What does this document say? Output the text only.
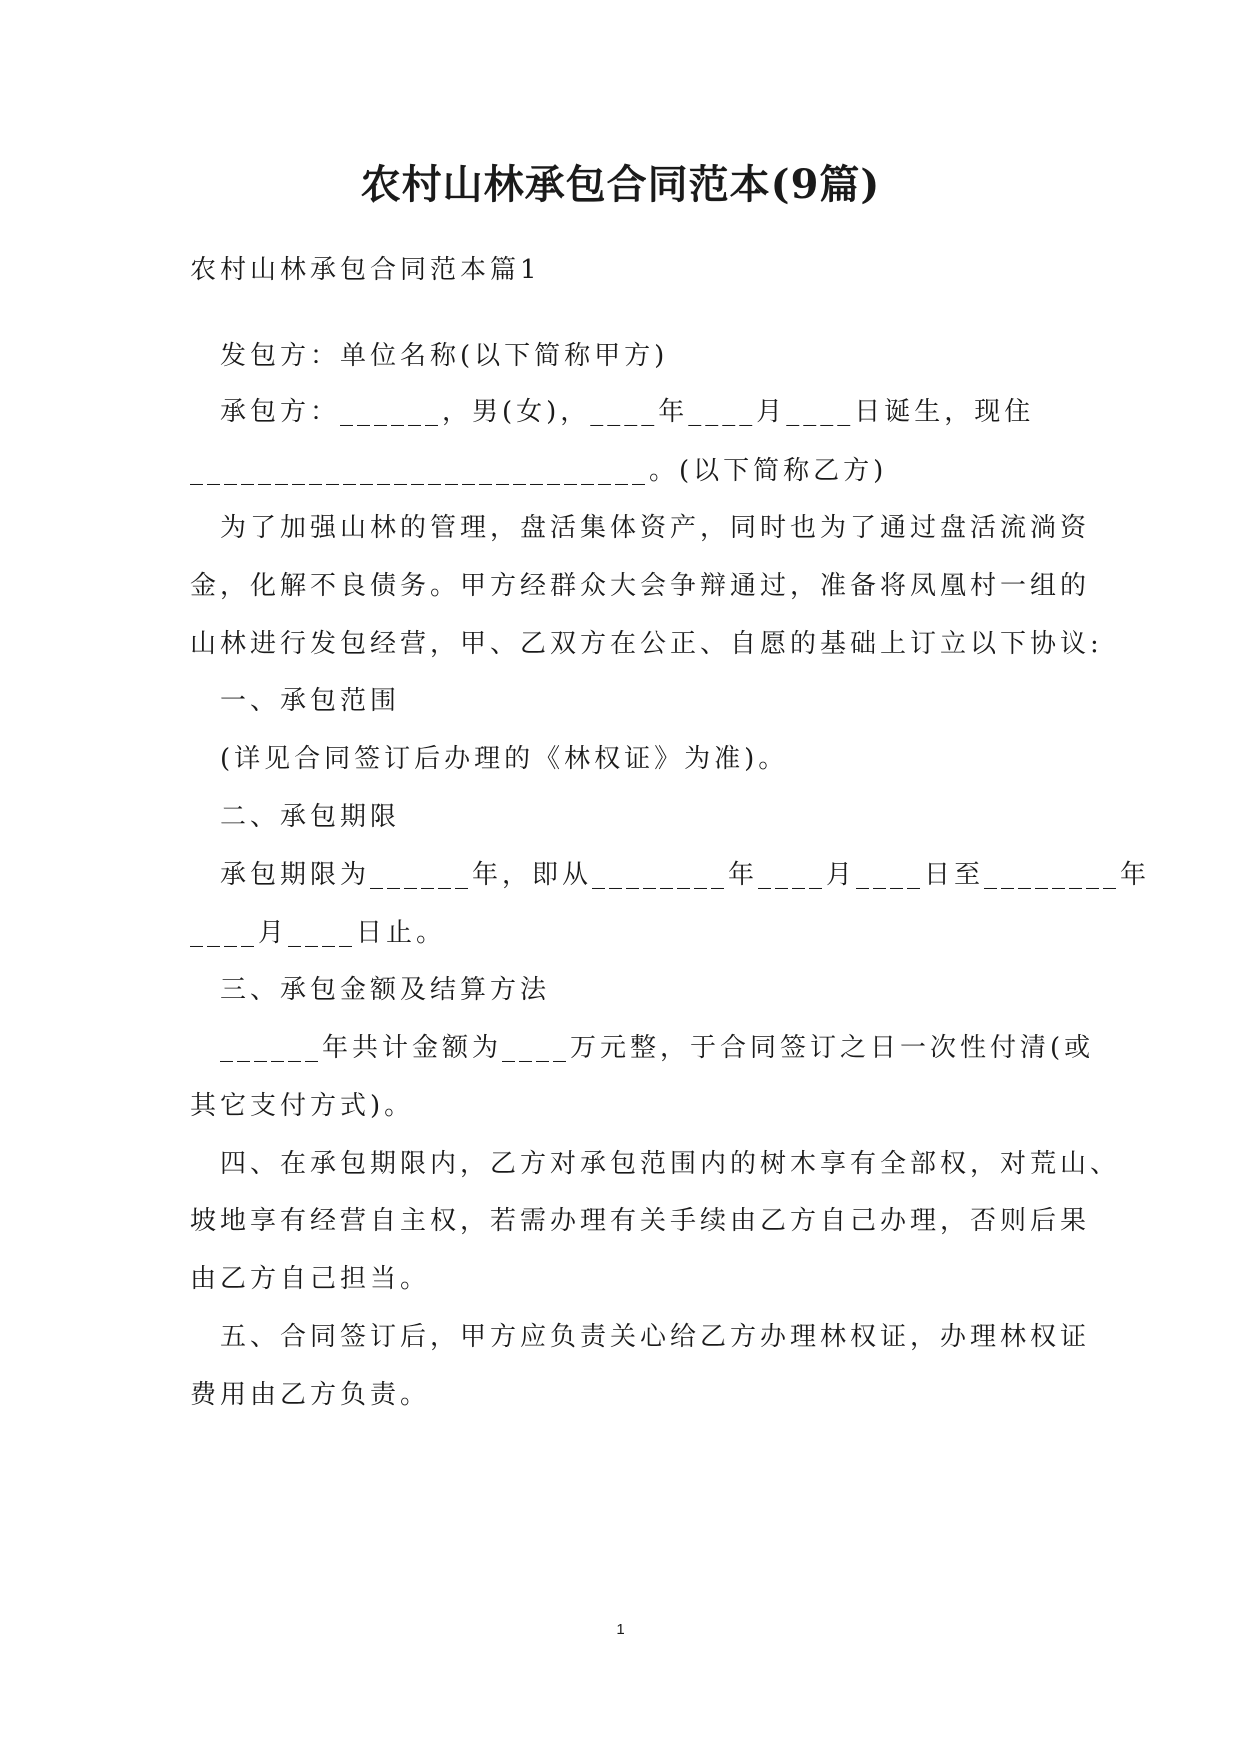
农村山林承包合同范本(9篇)
农村山林承包合同范本篇1
发包方：单位名称(以下简称甲方)
承包方：______，男(女)，____年____月____日诞生，现住
___________________________。(以下简称乙方)
为了加强山林的管理，盘活集体资产，同时也为了通过盘活流淌资
金，化解不良债务。甲方经群众大会争辩通过，准备将凤凰村一组的
山林进行发包经营，甲、乙双方在公正、自愿的基础上订立以下协议:
一、承包范围
(详见合同签订后办理的《林权证》为准)。
二、承包期限
承包期限为______年，即从________年____月____日至________年
____月____日止。
三、承包金额及结算方法
______年共计金额为____万元整，于合同签订之日一次性付清(或
其它支付方式)。
四、在承包期限内，乙方对承包范围内的树木享有全部权，对荒山、
坡地享有经营自主权，若需办理有关手续由乙方自己办理，否则后果
由乙方自己担当。
五、合同签订后，甲方应负责关心给乙方办理林权证，办理林权证
费用由乙方负责。
1
